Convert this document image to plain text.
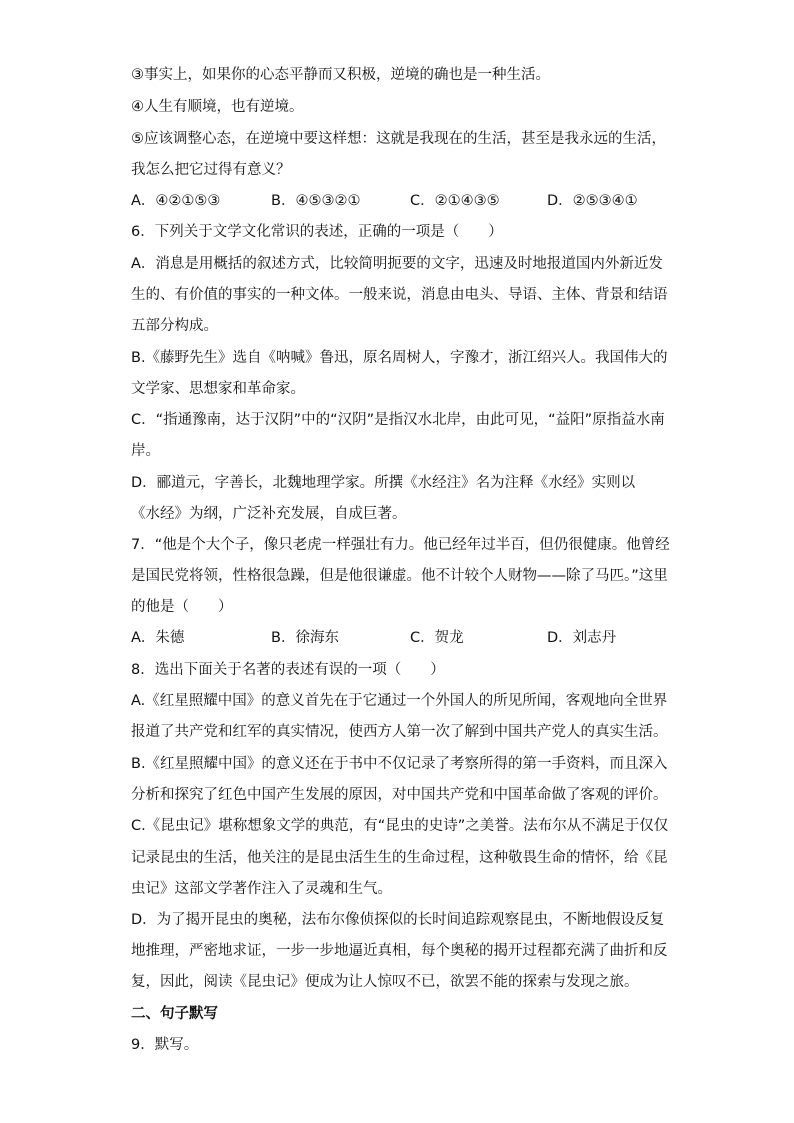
③事实上，如果你的心态平静而又积极，逆境的确也是一种生活。
④人生有顺境，也有逆境。
⑤应该调整心态，在逆境中要这样想：这就是我现在的生活，甚至是我永远的生活，
我怎么把它过得有意义？
A．④②①⑤③	B．④⑤③②①	C．②①④③⑤	D．②⑤③④①
6．下列关于文学文化常识的表述，正确的一项是（　　）
A．消息是用概括的叙述方式，比较简明扼要的文字，迅速及时地报道国内外新近发
生的、有价值的事实的一种文体。一般来说，消息由电头、导语、主体、背景和结语
五部分构成。
B.《藤野先生》选自《呐喊》鲁迅，原名周树人，字豫才，浙江绍兴人。我国伟大的
文学家、思想家和革命家。
C．“指通豫南，达于汉阴”中的“汉阴”是指汉水北岸，由此可见，“益阳”原指益水南
岸。
D．郦道元，字善长，北魏地理学家。所撰《水经注》名为注释《水经》实则以
《水经》为纲，广泛补充发展，自成巨著。
7．“他是个大个子，像只老虎一样强壮有力。他已经年过半百，但仍很健康。他曾经
是国民党将领，性格很急躁，但是他很谦虚。他不计较个人财物——除了马匹。”这里
的他是（　　）
A．朱德	B．徐海东	C．贺龙	D．刘志丹
8．选出下面关于名著的表述有误的一项（　　）
A.《红星照耀中国》的意义首先在于它通过一个外国人的所见所闻，客观地向全世界
报道了共产党和红军的真实情况，使西方人第一次了解到中国共产党人的真实生活。
B.《红星照耀中国》的意义还在于书中不仅记录了考察所得的第一手资料，而且深入
分析和探究了红色中国产生发展的原因，对中国共产党和中国革命做了客观的评价。
C.《昆虫记》堪称想象文学的典范，有“昆虫的史诗”之美誉。法布尔从不满足于仅仅
记录昆虫的生活，他关注的是昆虫活生生的生命过程，这种敬畏生命的情怀，给《昆
虫记》这部文学著作注入了灵魂和生气。
D．为了揭开昆虫的奥秘，法布尔像侦探似的长时间追踪观察昆虫，不断地假设反复
地推理，严密地求证，一步一步地逼近真相，每个奥秘的揭开过程都充满了曲折和反
复，因此，阅读《昆虫记》便成为让人惊叹不已，欲罢不能的探索与发现之旅。
二、句子默写
9．默写。
